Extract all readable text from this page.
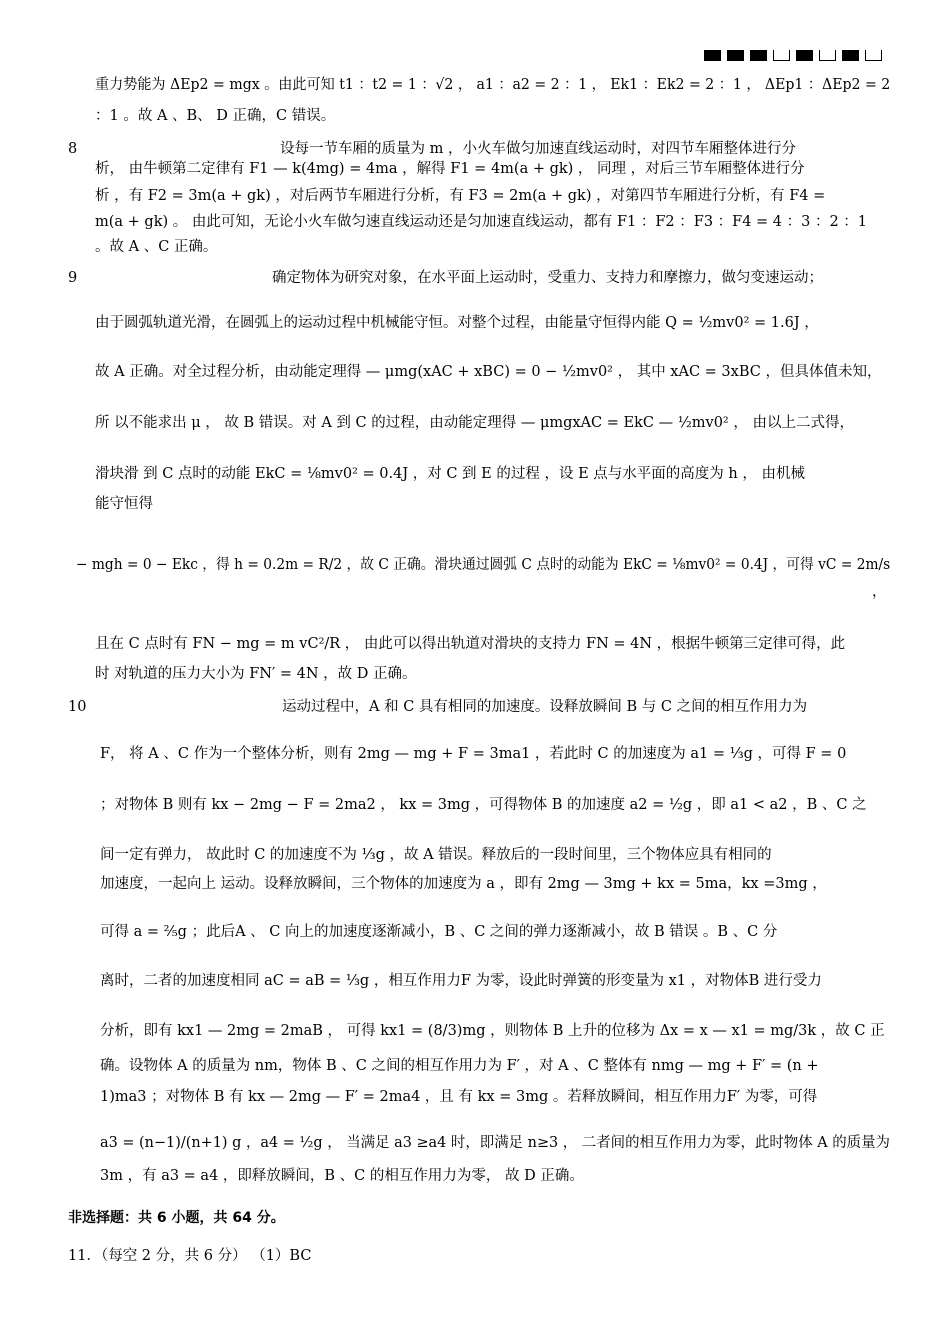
重力势能为 ΔEp2 = mgx 。由此可知 t1 ：t2 = 1 ：√2 ， a1 ：a2 = 2 ：1 ， Ek1 ：Ek2 = 2 ：1 ， ΔEp1 ：ΔEp2 = 2
：1 。故 A 、B、 D 正确，C 错误。
8	设每一节车厢的质量为 m ，小火车做匀加速直线运动时，对四节车厢整体进行分
析， 由牛顿第二定律有 F1 — k(4mg) = 4ma ，解得 F1 = 4m(a + gk) ， 同理 ，对后三节车厢整体进行分
析 ，有 F2 = 3m(a + gk) ，对后两节车厢进行分析，有 F3 = 2m(a + gk) ，对第四节车厢进行分析，有 F4 =
m(a + gk) 。 由此可知，无论小火车做匀速直线运动还是匀加速直线运动，都有 F1 ：F2 ：F3 ：F4 = 4 ：3 ：2 ：1
。故 A 、C 正确。
9	确定物体为研究对象，在水平面上运动时，受重力、支持力和摩擦力，做匀变速运动；
由于圆弧轨道光滑，在圆弧上的运动过程中机械能守恒。对整个过程，由能量守恒得内能 Q = ½mv0² = 1.6J ，
故 A 正确。对全过程分析，由动能定理得 — μmg(xAC + xBC) = 0 − ½mv0² ， 其中 xAC = 3xBC ，但具体值未知，
所 以不能求出 μ ， 故 B 错误。对 A 到 C 的过程，由动能定理得 — μmgxAC = EkC — ½mv0² ， 由以上二式得，
滑块滑 到 C 点时的动能 EkC = ⅛mv0² = 0.4J ，对 C 到 E 的过程 ，设 E 点与水平面的高度为 h ， 由机械
能守恒得
− mgh = 0 − Ekc ，得 h = 0.2m = R/2 ，故 C 正确。滑块通过圆弧 C 点时的动能为 EkC = ⅛mv0² = 0.4J ，可得 vC = 2m/s
，
且在 C 点时有 FN − mg = m vC²/R ， 由此可以得出轨道对滑块的支持力 FN = 4N ，根据牛顿第三定律可得，此
时 对轨道的压力大小为 FN′ = 4N ，故 D 正确。
10	运动过程中，A 和 C 具有相同的加速度。设释放瞬间 B 与 C 之间的相互作用力为
F， 将 A 、C 作为一个整体分析，则有 2mg — mg + F = 3ma1 ，若此时 C 的加速度为 a1 = ⅓g ，可得 F = 0
；对物体 B 则有 kx − 2mg − F = 2ma2 ， kx = 3mg ，可得物体 B 的加速度 a2 = ½g ，即 a1 < a2 ，B 、C 之
间一定有弹力， 故此时 C 的加速度不为 ⅓g ，故 A 错误。释放后的一段时间里，三个物体应具有相同的
加速度，一起向上 运动。设释放瞬间，三个物体的加速度为 a ，即有 2mg — 3mg + kx = 5ma，kx =3mg ，
可得 a = ⅖g ；此后A 、 C 向上的加速度逐渐减小，B 、C 之间的弹力逐渐减小，故 B 错误 。B 、C 分
离时，二者的加速度相同 aC = aB = ⅓g ，相互作用力F 为零，设此时弹簧的形变量为 x1 ，对物体B 进行受力
分析，即有 kx1 — 2mg = 2maB ， 可得 kx1 = (8/3)mg ，则物体 B 上升的位移为 Δx = x — x1 = mg/3k ，故 C 正
确。设物体 A 的质量为 nm，物体 B 、C 之间的相互作用力为 F′ ，对 A 、C 整体有 nmg — mg + F′ = (n +
1)ma3 ；对物体 B 有 kx — 2mg — F′ = 2ma4 ，且 有 kx = 3mg 。若释放瞬间，相互作用力F′ 为零，可得
a3 = (n−1)/(n+1) g ，a4 = ½g ， 当满足 a3 ≥a4 时，即满足 n≥3 ， 二者间的相互作用力为零，此时物体 A 的质量为
3m ，有 a3 = a4 ，即释放瞬间，B 、C 的相互作用力为零， 故 D 正确。
非选择题：共 6 小题，共 64 分。
11．（每空 2 分，共 6 分） （1）BC
